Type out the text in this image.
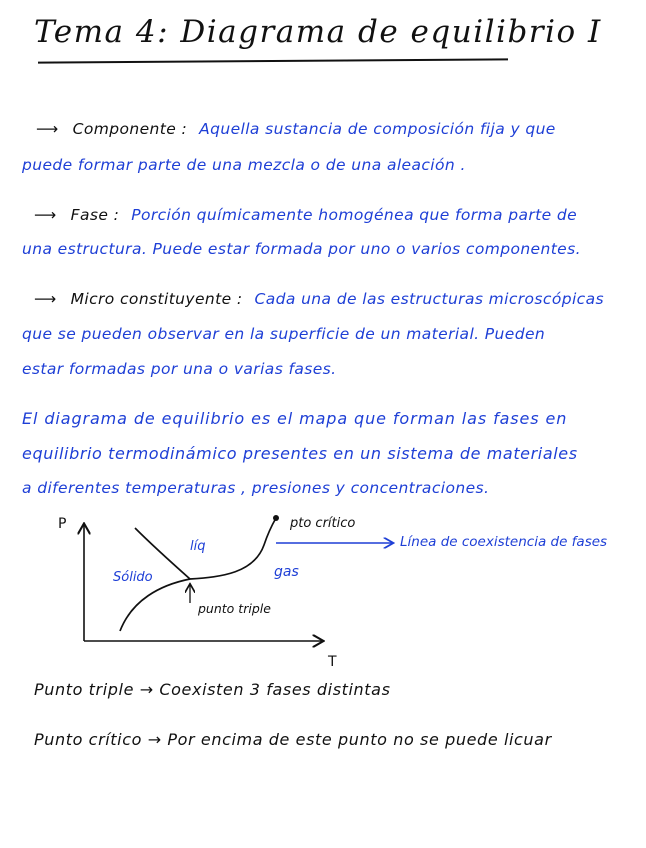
Tema 4: Diagrama de equilibrio I
⟶ Componente : Aquella sustancia de composición fija y que
puede formar parte de una mezcla o de una aleación .
⟶ Fase : Porción químicamente homogénea que forma parte de
una estructura. Puede estar formada por uno o varios componentes.
⟶ Micro constituyente : Cada una de las estructuras microscópicas
que se pueden observar en la superficie de un material. Pueden
estar formadas por una o varias fases.
El diagrama de equilibrio es el mapa que forman las fases en
equilibrio termodinámico presentes en un sistema de materiales
a diferentes temperaturas , presiones y concentraciones.
P
T
pto crítico
Línea de coexistencia de fases
líq
Sólido	gas
punto triple
Punto triple → Coexisten 3 fases distintas
Punto crítico → Por encima de este punto no se puede licuar
